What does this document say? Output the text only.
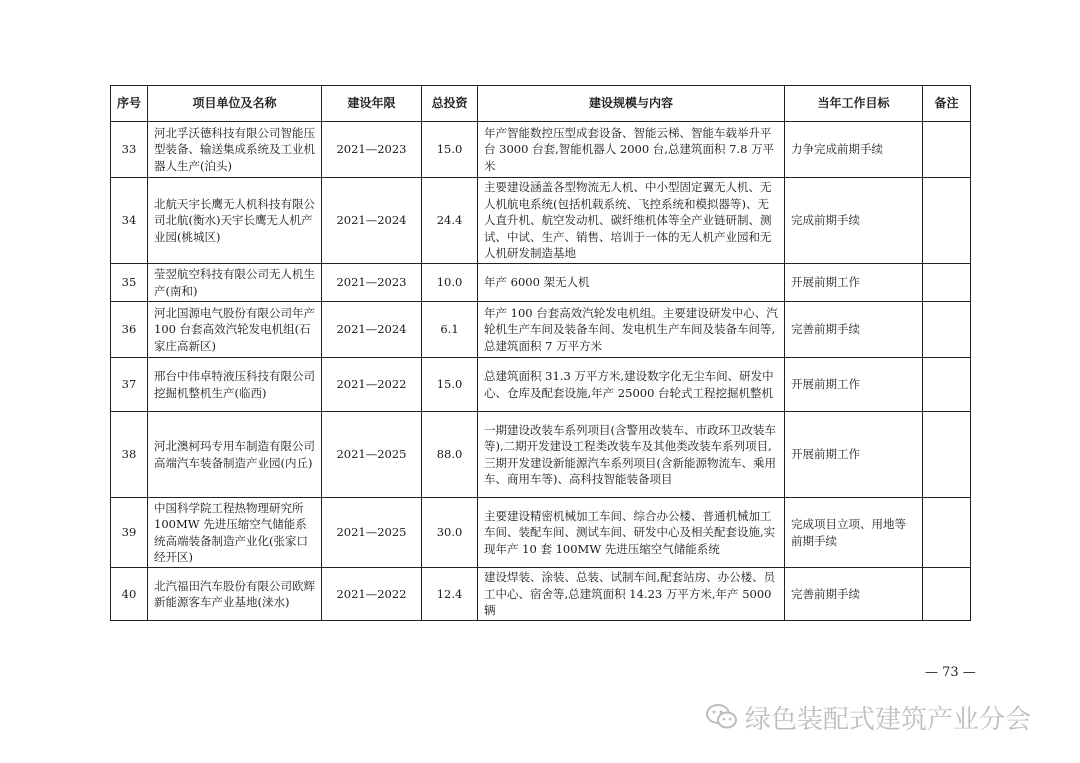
序号	项目单位及名称	建设年限	总投资	建设规模与内容	当年工作目标	备注
33	河北孚沃德科技有限公司智能压型装备、输送集成系统及工业机器人生产(泊头)	2021—2023	15.0	年产智能数控压型成套设备、智能云梯、智能车载举升平台 3000 台套,智能机器人 2000 台,总建筑面积 7.8 万平米	力争完成前期手续	
34	北航天宇长鹰无人机科技有限公司北航(衡水)天宇长鹰无人机产业园(桃城区)	2021—2024	24.4	主要建设涵盖各型物流无人机、中小型固定翼无人机、无人机航电系统(包括机载系统、飞控系统和模拟器等)、无人直升机、航空发动机、碳纤维机体等全产业链研制、测试、中试、生产、销售、培训于一体的无人机产业园和无人机研发制造基地	完成前期手续	
35	莹翌航空科技有限公司无人机生产(南和)	2021—2023	10.0	年产 6000 架无人机	开展前期工作	
36	河北国源电气股份有限公司年产 100 台套高效汽轮发电机组(石家庄高新区)	2021—2024	6.1	年产 100 台套高效汽轮发电机组。主要建设研发中心、汽轮机生产车间及装备车间、发电机生产车间及装备车间等,总建筑面积 7 万平方米	完善前期手续	
37	邢台中伟卓特液压科技有限公司挖掘机整机生产(临西)	2021—2022	15.0	总建筑面积 31.3 万平方米,建设数字化无尘车间、研发中心、仓库及配套设施,年产 25000 台轮式工程挖掘机整机	开展前期工作	
38	河北澳柯玛专用车制造有限公司高端汽车装备制造产业园(内丘)	2021—2025	88.0	一期建设改装车系列项目(含警用改装车、市政环卫改装车等),二期开发建设工程类改装车及其他类改装车系列项目,三期开发建设新能源汽车系列项目(含新能源物流车、乘用车、商用车等)、高科技智能装备项目	开展前期工作	
39	中国科学院工程热物理研究所 100MW 先进压缩空气储能系统高端装备制造产业化(张家口经开区)	2021—2025	30.0	主要建设精密机械加工车间、综合办公楼、普通机械加工车间、装配车间、测试车间、研发中心及相关配套设施,实现年产 10 套 100MW 先进压缩空气储能系统	完成项目立项、用地等前期手续	
40	北汽福田汽车股份有限公司欧辉新能源客车产业基地(涞水)	2021—2022	12.4	建设焊装、涂装、总装、试制车间,配套站房、办公楼、员工中心、宿舍等,总建筑面积 14.23 万平方米,年产 5000 辆	完善前期手续	
— 73 —
绿色装配式建筑产业分会
